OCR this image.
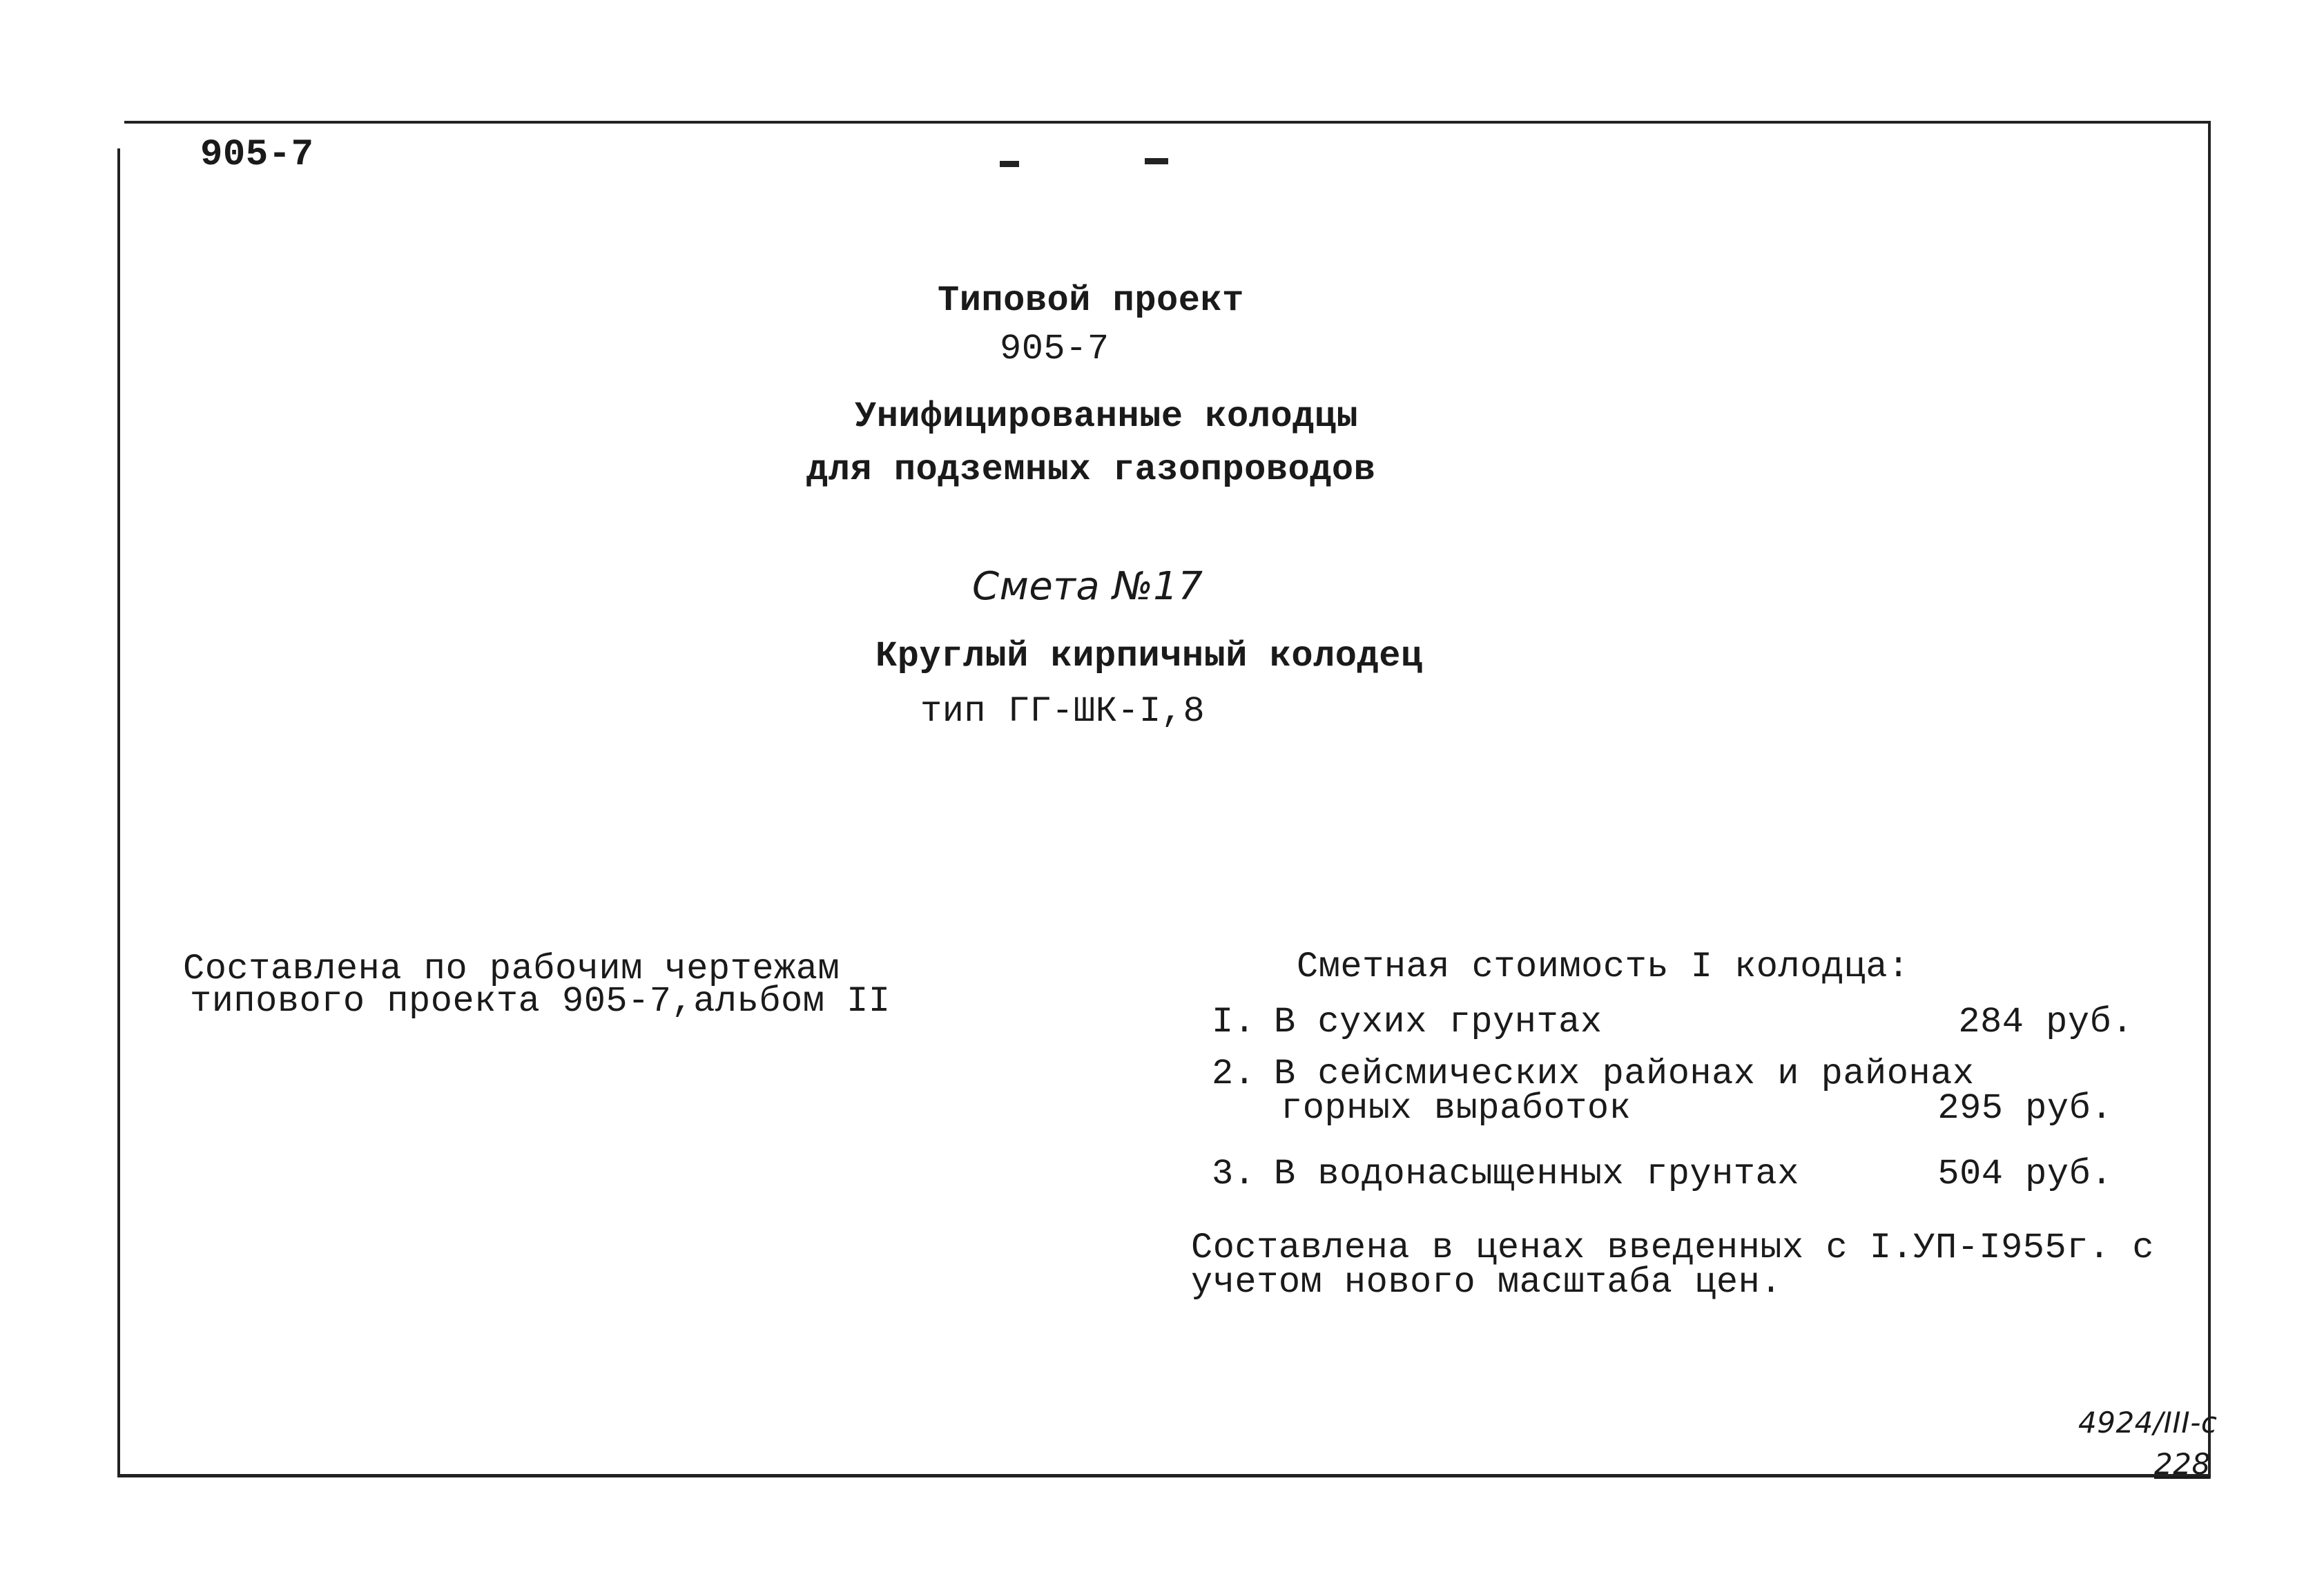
905-7
Типовой проект
905-7
Унифицированные колодцы
для подземных газопроводов
Смета №17
Круглый кирпичный колодец
тип ГГ-ШК-I,8
Составлена по рабочим чертежам
типового проекта 905-7,альбом II
Сметная стоимость I колодца:
I. В сухих грунтах	284 руб.
2. В сейсмических районах и районах
горных выработок	295 руб.
3. В водонасыщенных грунтах	504 руб.
Составлена в ценах введенных с I.УП-I955г. с
учетом нового масштаба цен.
4924/III-с
228
